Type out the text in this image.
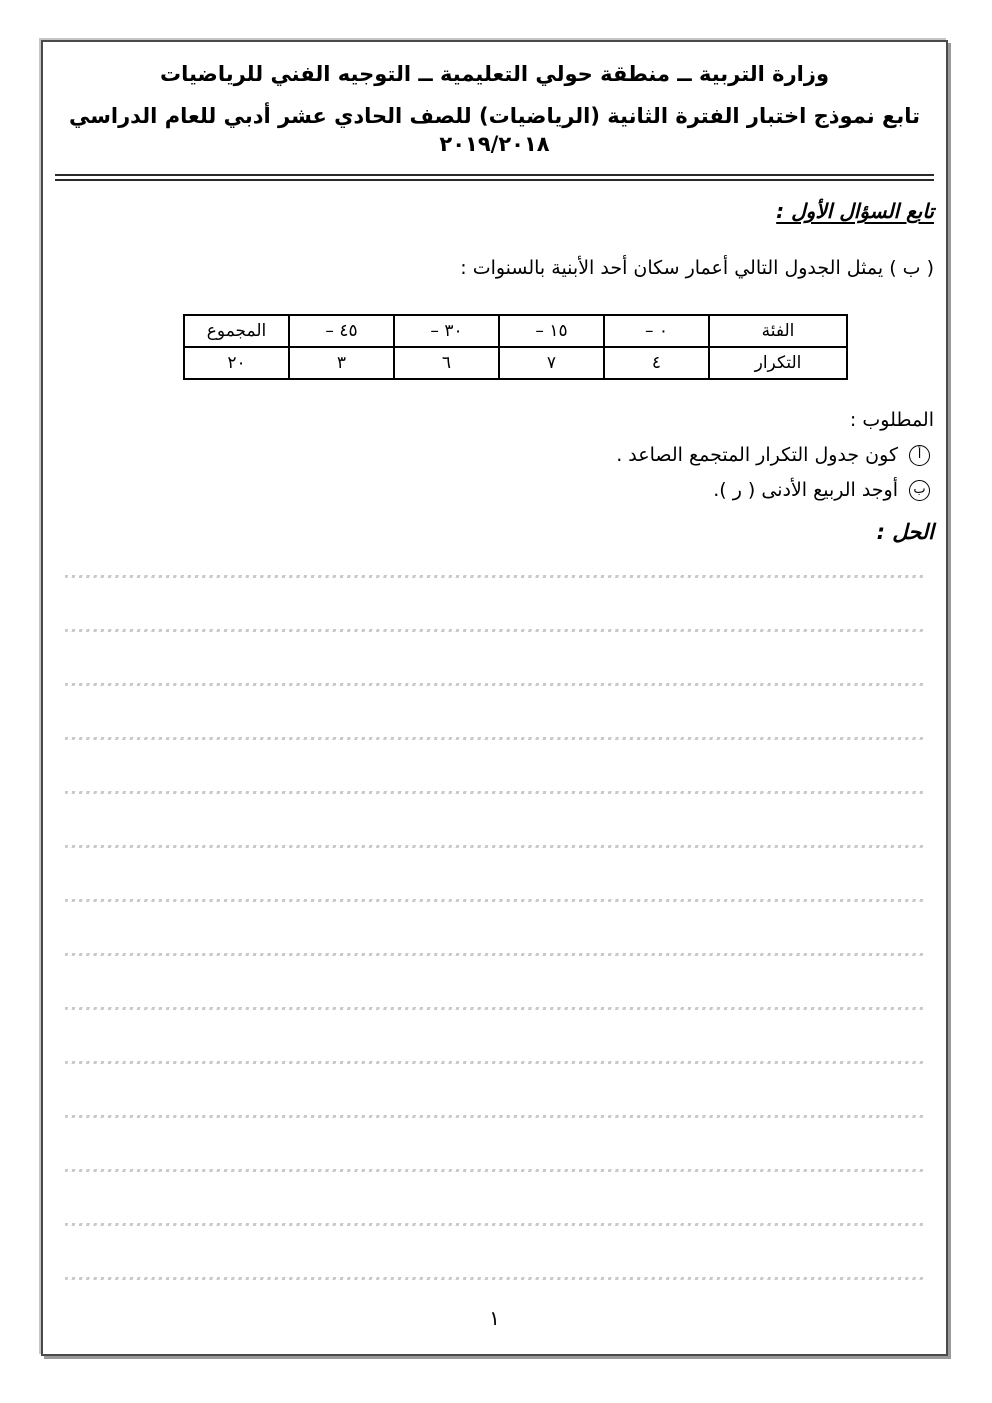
وزارة التربية ــ منطقة حولي التعليمية ــ التوجيه الفني للرياضيات
تابع نموذج اختبار الفترة الثانية (الرياضيات) للصف الحادي عشر أدبي للعام الدراسي ٢٠١٩/٢٠١٨
تابع السؤال الأول :
( ب ) يمثل الجدول التالي أعمار سكان أحد الأبنية بالسنوات :
الفئة	٠ –	١٥ –	٣٠ –	٤٥ –	المجموع
التكرار	٤	٧	٦	٣	٢٠
المطلوب :
أ
كون جدول التكرار المتجمع الصاعد .
ب
أوجد الربيع الأدنى ( ر ).
الحل :
١
